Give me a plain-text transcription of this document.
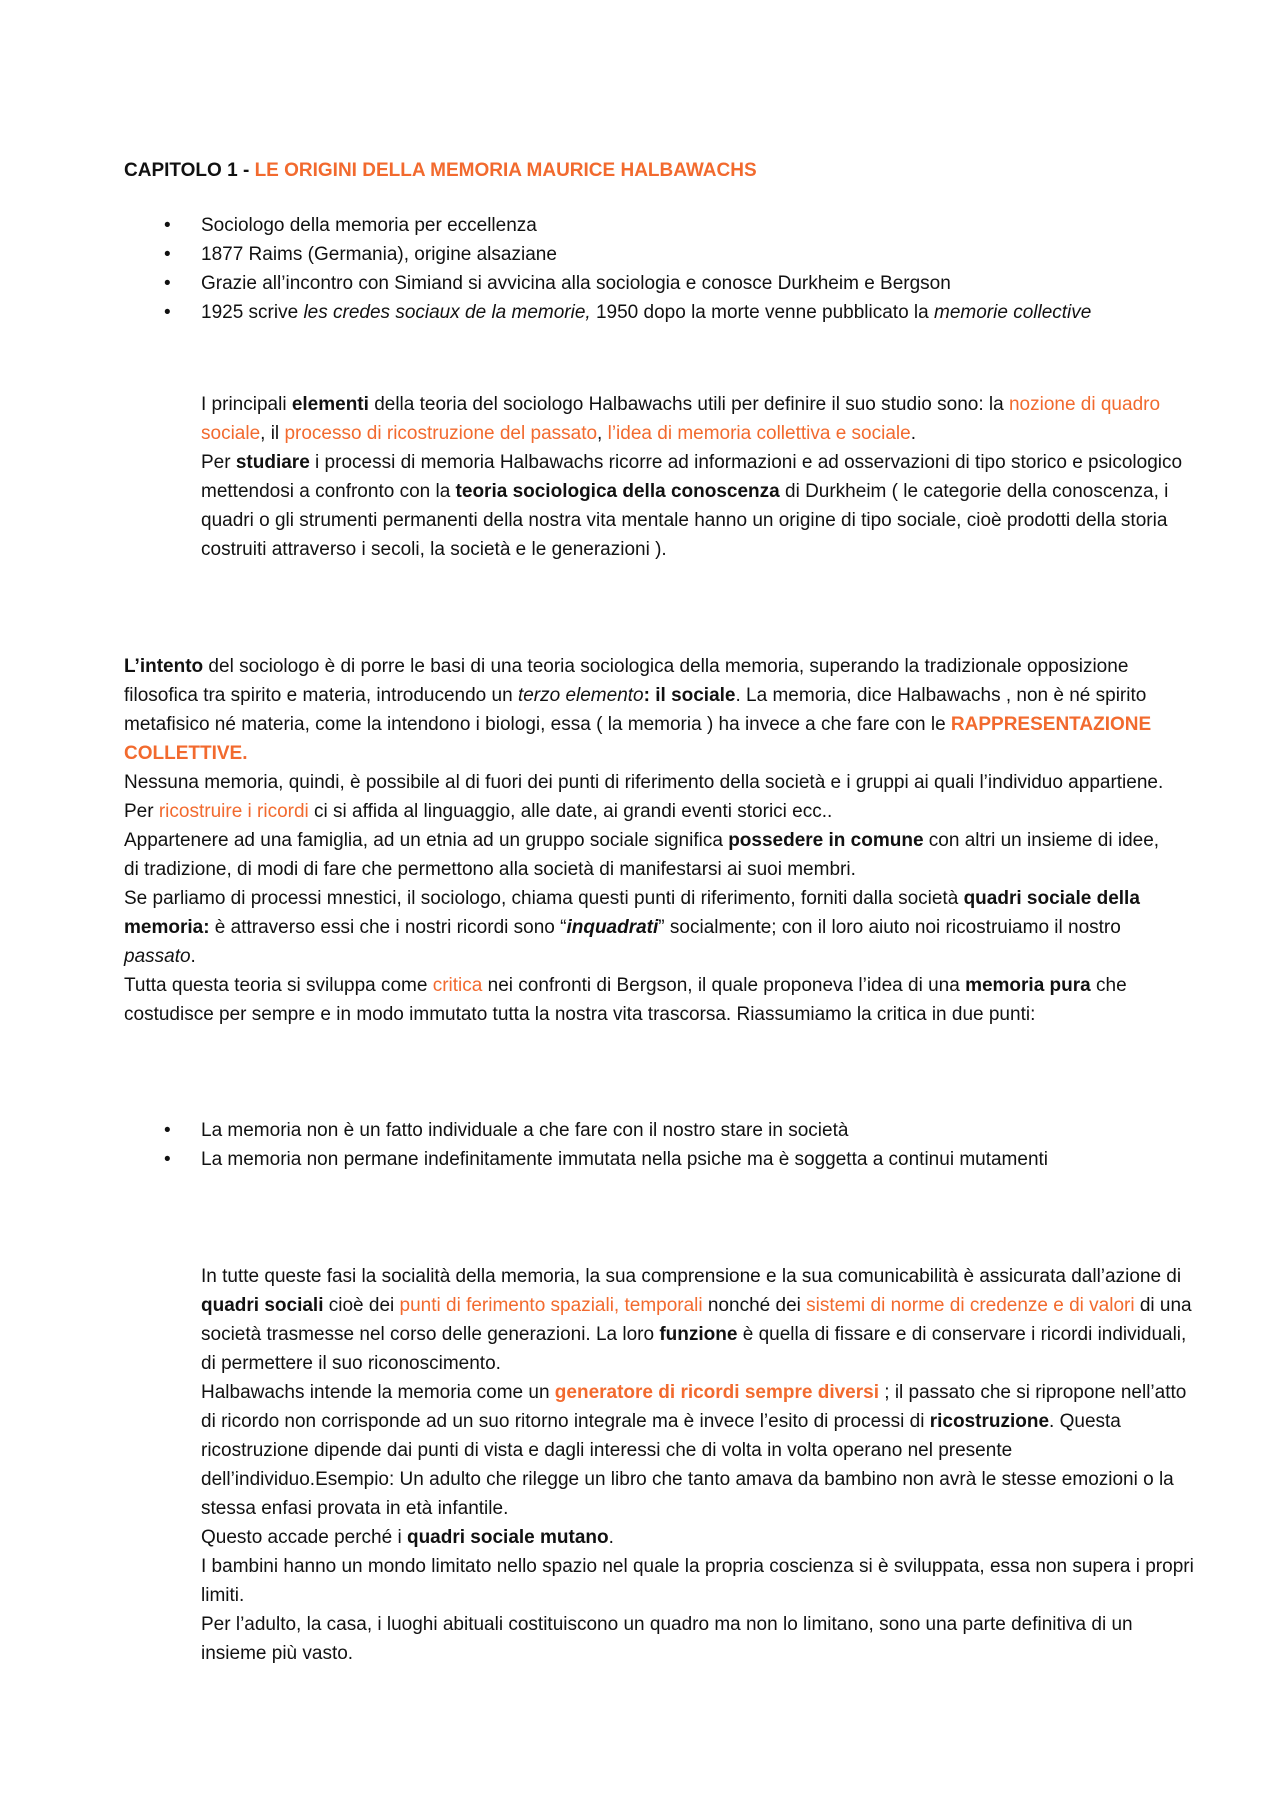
CAPITOLO 1 - LE ORIGINI DELLA MEMORIA MAURICE HALBAWACHS
• Sociologo della memoria per eccellenza
• 1877 Raims (Germania), origine alsaziane
• Grazie all’incontro con Simiand si avvicina alla sociologia e conosce Durkheim e Bergson
• 1925 scrive les credes sociaux de la memorie, 1950 dopo la morte venne pubblicato la memorie collective

I principali elementi della teoria del sociologo Halbawachs utili per definire il suo studio sono: la nozione di quadro sociale, il processo di ricostruzione del passato, l’idea di memoria collettiva e sociale.
Per studiare i processi di memoria Halbawachs ricorre ad informazioni e ad osservazioni di tipo storico e psicologico mettendosi a confronto con la teoria sociologica della conoscenza di Durkheim ( le categorie della conoscenza, i quadri o gli strumenti permanenti della nostra vita mentale hanno un origine di tipo sociale, cioè prodotti della storia costruiti attraverso i secoli, la società e le generazioni ).

L’intento del sociologo è di porre le basi di una teoria sociologica della memoria, superando la tradizionale opposizione filosofica tra spirito e materia, introducendo un terzo elemento: il sociale. La memoria, dice Halbawachs , non è né spirito metafisico né materia, come la intendono i biologi, essa ( la memoria ) ha invece a che fare con le RAPPRESENTAZIONE COLLETTIVE.
Nessuna memoria, quindi, è possibile al di fuori dei punti di riferimento della società e i gruppi ai quali l’individuo appartiene.
Per ricostruire i ricordi ci si affida al linguaggio, alle date, ai grandi eventi storici ecc..
Appartenere ad una famiglia, ad un etnia ad un gruppo sociale significa possedere in comune con altri un insieme di idee, di tradizione, di modi di fare che permettono alla società di manifestarsi ai suoi membri.
Se parliamo di processi mnestici, il sociologo, chiama questi punti di riferimento, forniti dalla società quadri sociale della memoria: è attraverso essi che i nostri ricordi sono “inquadrati” socialmente; con il loro aiuto noi ricostruiamo il nostro passato.
Tutta questa teoria si sviluppa come critica nei confronti di Bergson, il quale proponeva l’idea di una memoria pura che costudisce per sempre e in modo immutato tutta la nostra vita trascorsa. Riassumiamo la critica in due punti:

• La memoria non è un fatto individuale a che fare con il nostro stare in società
• La memoria non permane indefinitamente immutata nella psiche ma è soggetta a continui mutamenti

In tutte queste fasi la socialità della memoria, la sua comprensione e la sua comunicabilità è assicurata dall’azione di quadri sociali cioè dei punti di ferimento spaziali, temporali nonché dei sistemi di norme di credenze e di valori di una società trasmesse nel corso delle generazioni. La loro funzione è quella di fissare e di conservare i ricordi individuali, di permettere il suo riconoscimento.
Halbawachs intende la memoria come un generatore di ricordi sempre diversi ; il passato che si ripropone nell’atto di ricordo non corrisponde ad un suo ritorno integrale ma è invece l’esito di processi di ricostruzione. Questa ricostruzione dipende dai punti di vista e dagli interessi che di volta in volta operano nel presente dell’individuo.Esempio: Un adulto che rilegge un libro che tanto amava da bambino non avrà le stesse emozioni o la stessa enfasi provata in età infantile.
Questo accade perché i quadri sociale mutano.
I bambini hanno un mondo limitato nello spazio nel quale la propria coscienza si è sviluppata, essa non supera i propri limiti.
Per l’adulto, la casa, i luoghi abituali costituiscono un quadro ma non lo limitano, sono una parte definitiva di un insieme più vasto.
